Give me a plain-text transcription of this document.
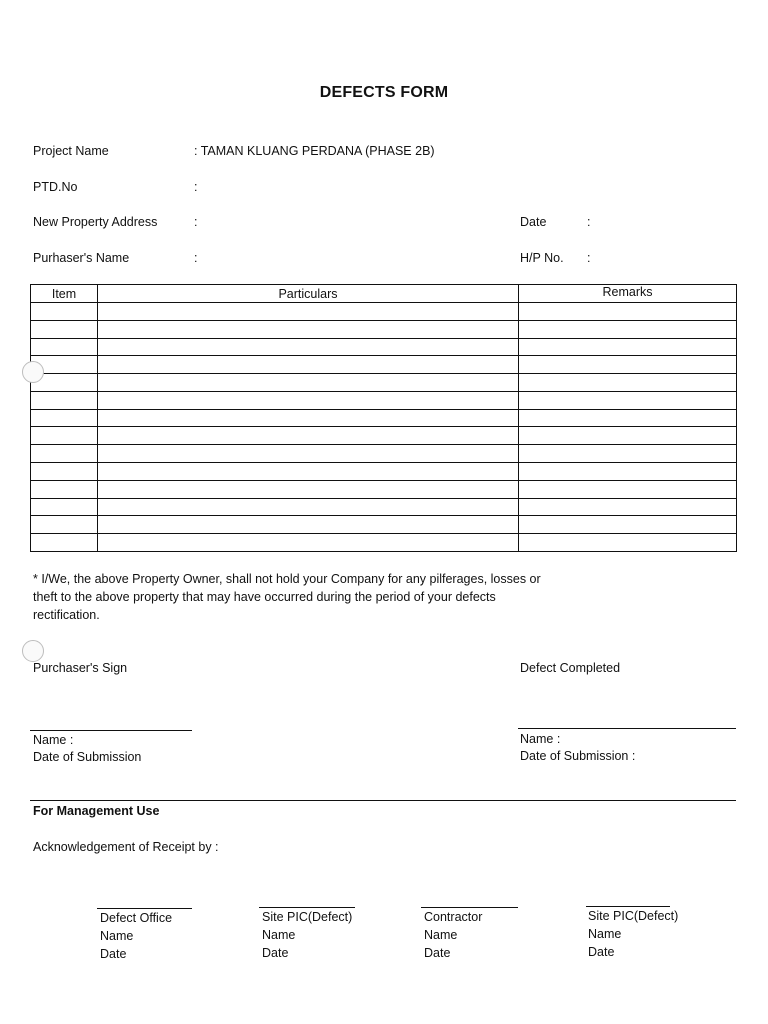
DEFECTS FORM
Project Name	: TAMAN KLUANG PERDANA (PHASE 2B)
PTD.No	:
New Property Address	:	Date	:
Purhaser's Name	:	H/P No. :
Item	Particulars	Remarks

* I/We, the above Property Owner, shall not hold your Company for any pilferages, losses or
theft to the above property that may have occurred during the period of your defects
rectification.
Purchaser's Sign	Defect Completed
Name :
Date of Submission
Name :
Date of Submission :
For Management Use
Acknowledgement of Receipt by :
Defect Office
Name
Date
Site PIC(Defect)
Name
Date
Contractor
Name
Date
Site PIC(Defect)
Name
Date
